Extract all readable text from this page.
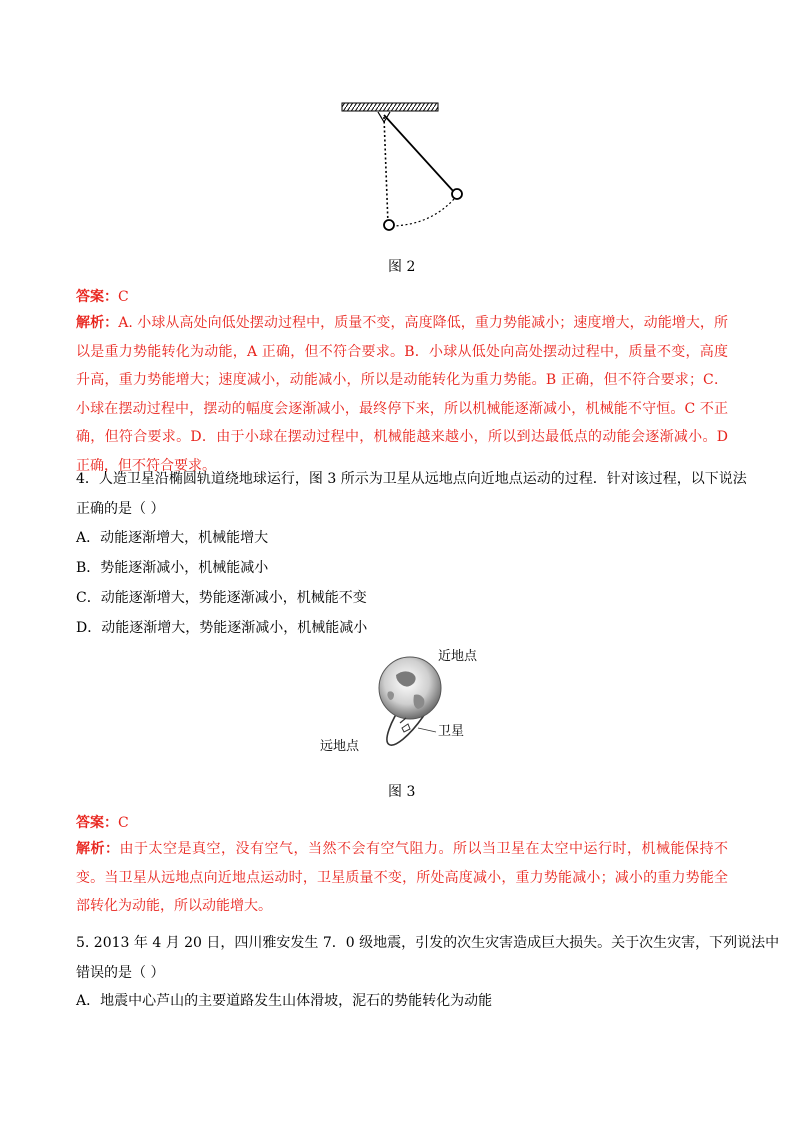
图 2
答案：C
解析：A. 小球从高处向低处摆动过程中，质量不变，高度降低，重力势能减小；速度增大，动能增大，所以是重力势能转化为动能，A 正确，但不符合要求。B．小球从低处向高处摆动过程中，质量不变，高度升高，重力势能增大；速度减小，动能减小，所以是动能转化为重力势能。B 正确，但不符合要求；C．小球在摆动过程中，摆动的幅度会逐渐减小，最终停下来，所以机械能逐渐减小，机械能不守恒。C 不正确，但符合要求。D．由于小球在摆动过程中，机械能越来越小，所以到达最低点的动能会逐渐减小。D 正确，但不符合要求。
4．人造卫星沿椭圆轨道绕地球运行，图 3 所示为卫星从远地点向近地点运动的过程．针对该过程，以下说法
正确的是（ ）
A．动能逐渐增大，机械能增大
B．势能逐渐减小，机械能减小
C．动能逐渐增大，势能逐渐减小，机械能不变
D．动能逐渐增大，势能逐渐减小，机械能减小
近地点
卫星
远地点
图 3
答案：C
解析：由于太空是真空，没有空气，当然不会有空气阻力。所以当卫星在太空中运行时，机械能保持不变。当卫星从远地点向近地点运动时，卫星质量不变，所处高度减小，重力势能减小；减小的重力势能全部转化为动能，所以动能增大。
5. 2013 年 4 月 20 日，四川雅安发生 7．0 级地震，引发的次生灾害造成巨大损失。关于次生灾害，下列说法中
错误的是（ ）
A．地震中心芦山的主要道路发生山体滑坡，泥石的势能转化为动能
